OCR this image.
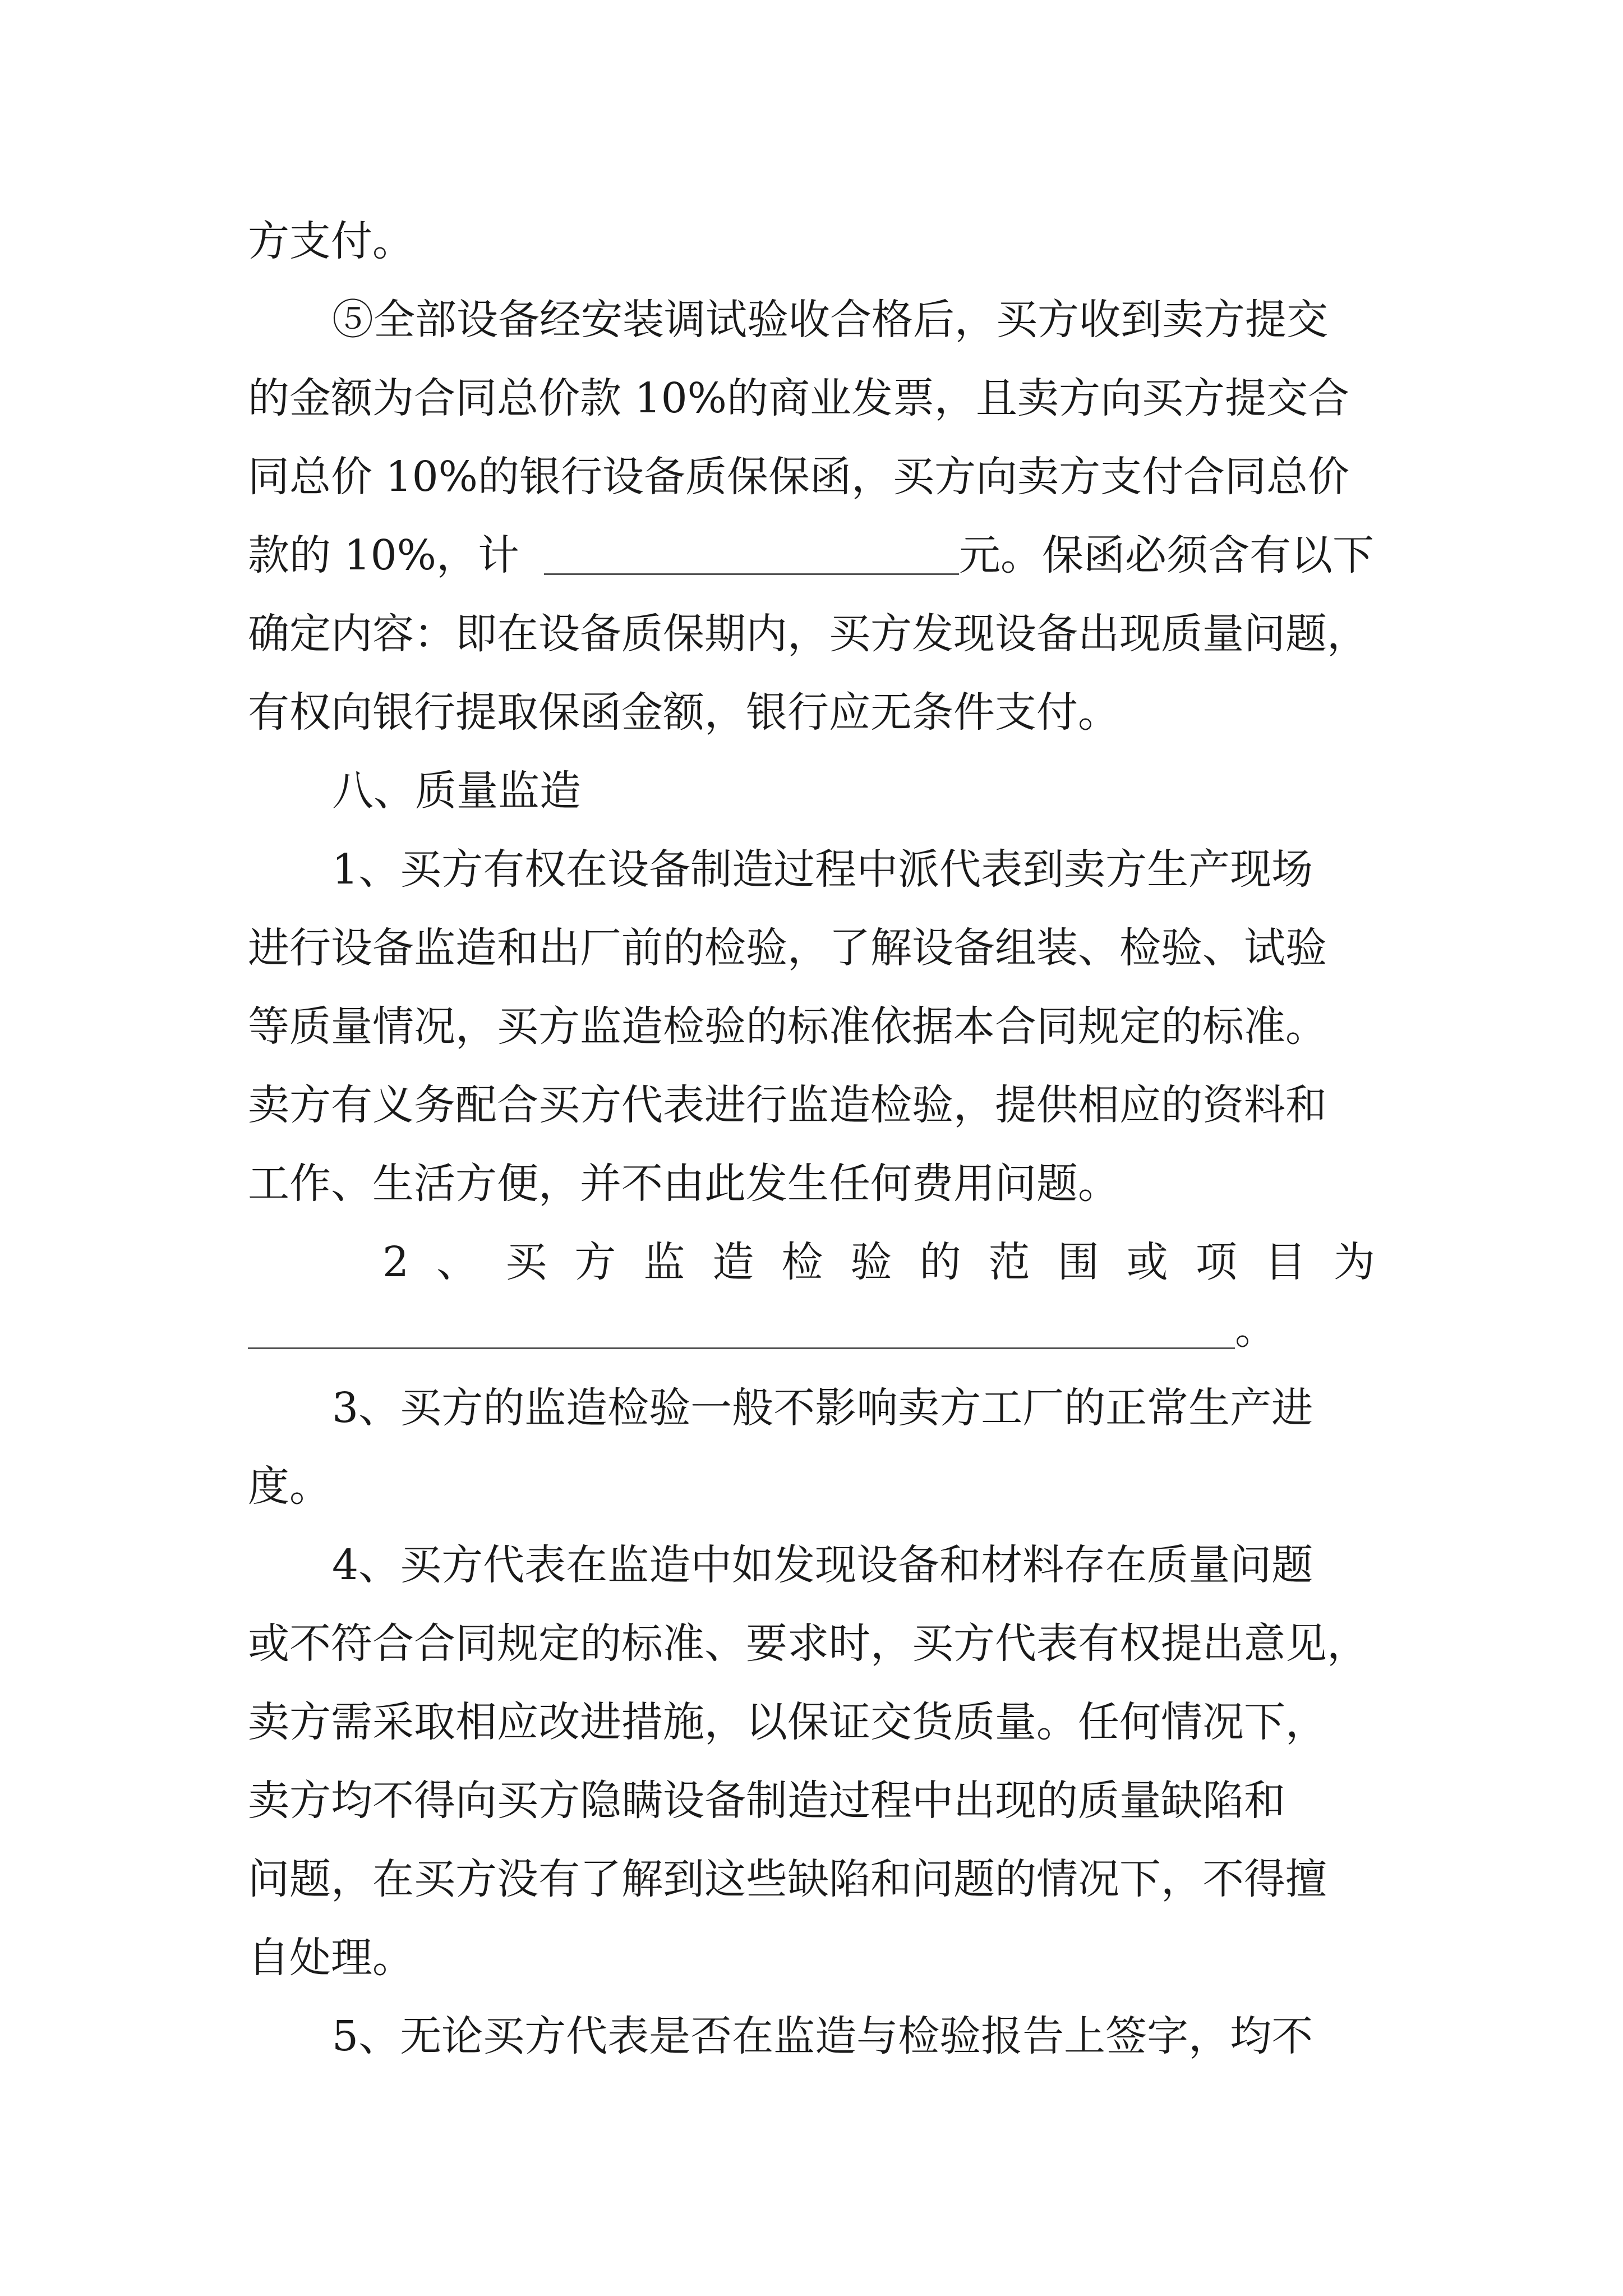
方支付。
⑤全部设备经安装调试验收合格后，买方收到卖方提交
的金额为合同总价款 10%的商业发票，且卖方向买方提交合
同总价 10%的银行设备质保保函，买方向卖方支付合同总价
款的 10%，计	元。保函必须含有以下
确定内容：即在设备质保期内，买方发现设备出现质量问题，
有权向银行提取保函金额，银行应无条件支付。
八、质量监造
1、买方有权在设备制造过程中派代表到卖方生产现场
进行设备监造和出厂前的检验，了解设备组装、检验、试验
等质量情况，买方监造检验的标准依据本合同规定的标准。
卖方有义务配合买方代表进行监造检验，提供相应的资料和
工作、生活方便，并不由此发生任何费用问题。
2 、 买 方 监 造 检 验 的 范 围 或 项 目 为
。
3、买方的监造检验一般不影响卖方工厂的正常生产进
度。
4、买方代表在监造中如发现设备和材料存在质量问题
或不符合合同规定的标准、要求时，买方代表有权提出意见，
卖方需采取相应改进措施，以保证交货质量。任何情况下，
卖方均不得向买方隐瞒设备制造过程中出现的质量缺陷和
问题，在买方没有了解到这些缺陷和问题的情况下，不得擅
自处理。
5、无论买方代表是否在监造与检验报告上签字，均不
